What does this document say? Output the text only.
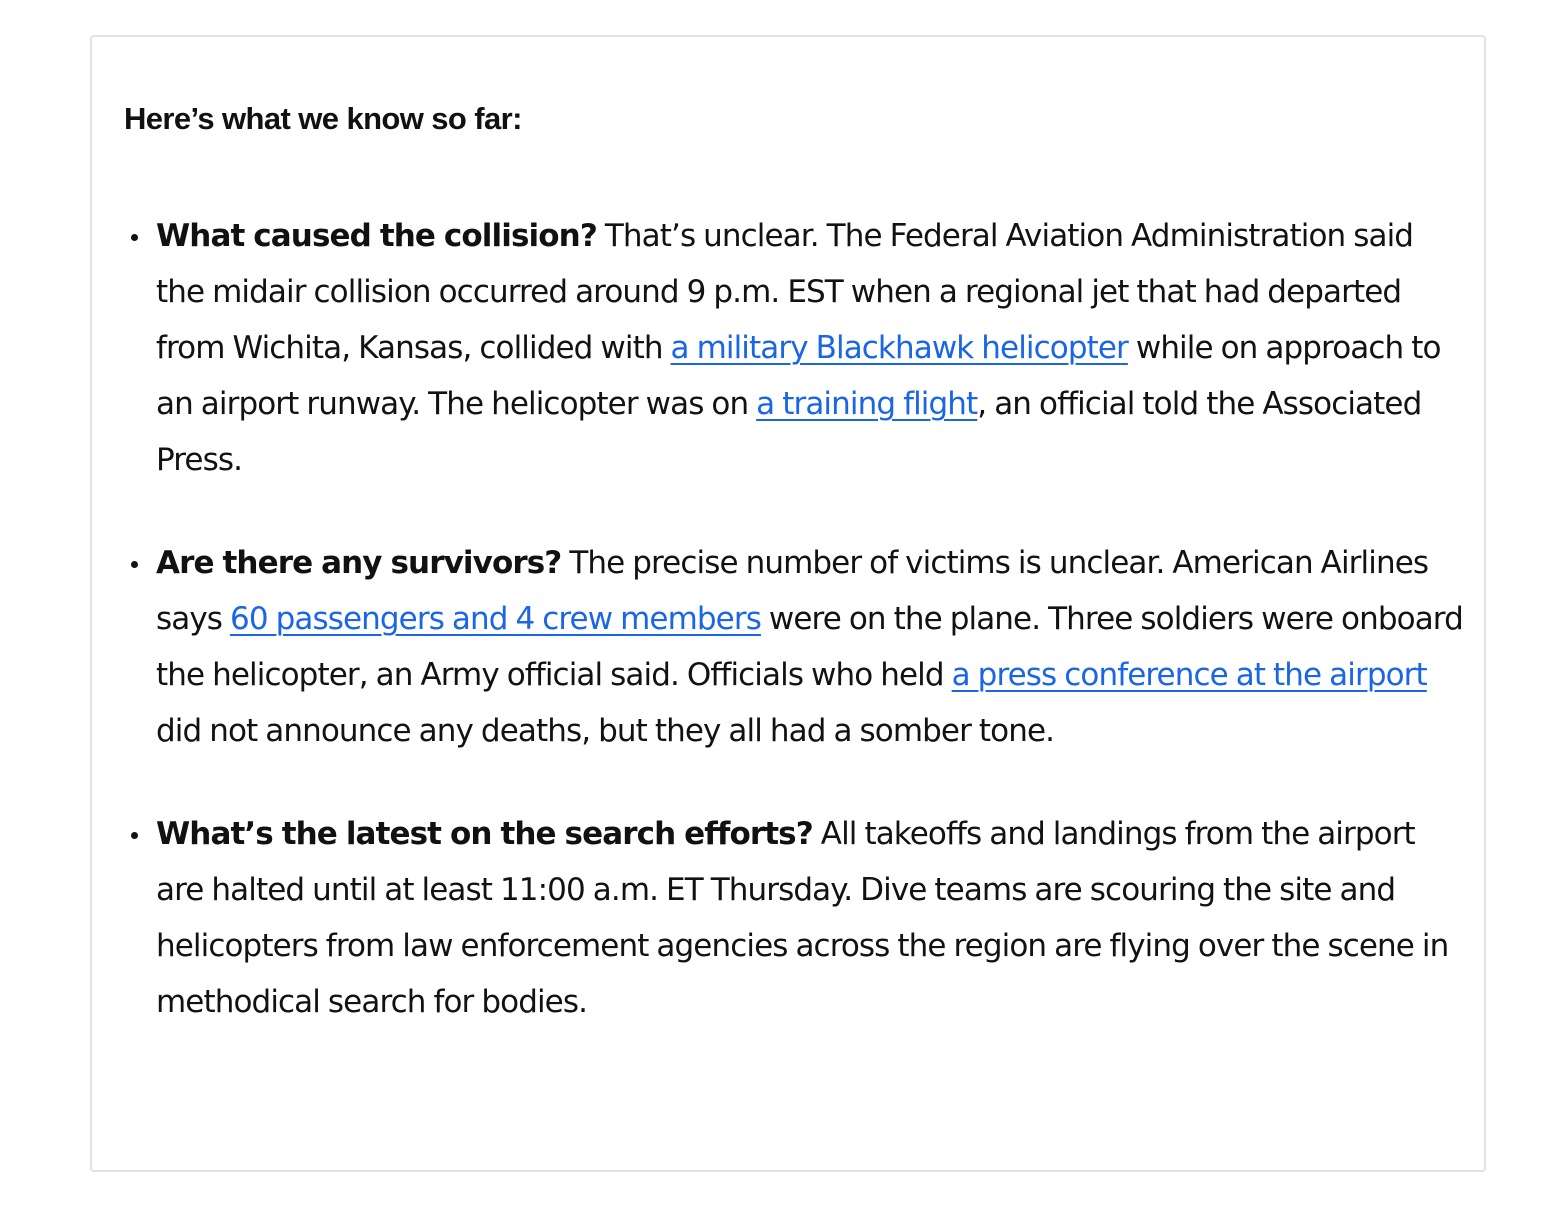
Here’s what we know so far:
What caused the collision? That’s unclear. The Federal Aviation Administration said the midair collision occurred around 9 p.m. EST when a regional jet that had departed from Wichita, Kansas, collided with a military Blackhawk helicopter while on approach to an airport runway. The helicopter was on a training flight, an official told the Associated Press.
Are there any survivors? The precise number of victims is unclear. American Airlines says 60 passengers and 4 crew members were on the plane. Three soldiers were onboard the helicopter, an Army official said. Officials who held a press conference at the airport did not announce any deaths, but they all had a somber tone.
What’s the latest on the search efforts? All takeoffs and landings from the airport are halted until at least 11:00 a.m. ET Thursday. Dive teams are scouring the site and helicopters from law enforcement agencies across the region are flying over the scene in methodical search for bodies.
